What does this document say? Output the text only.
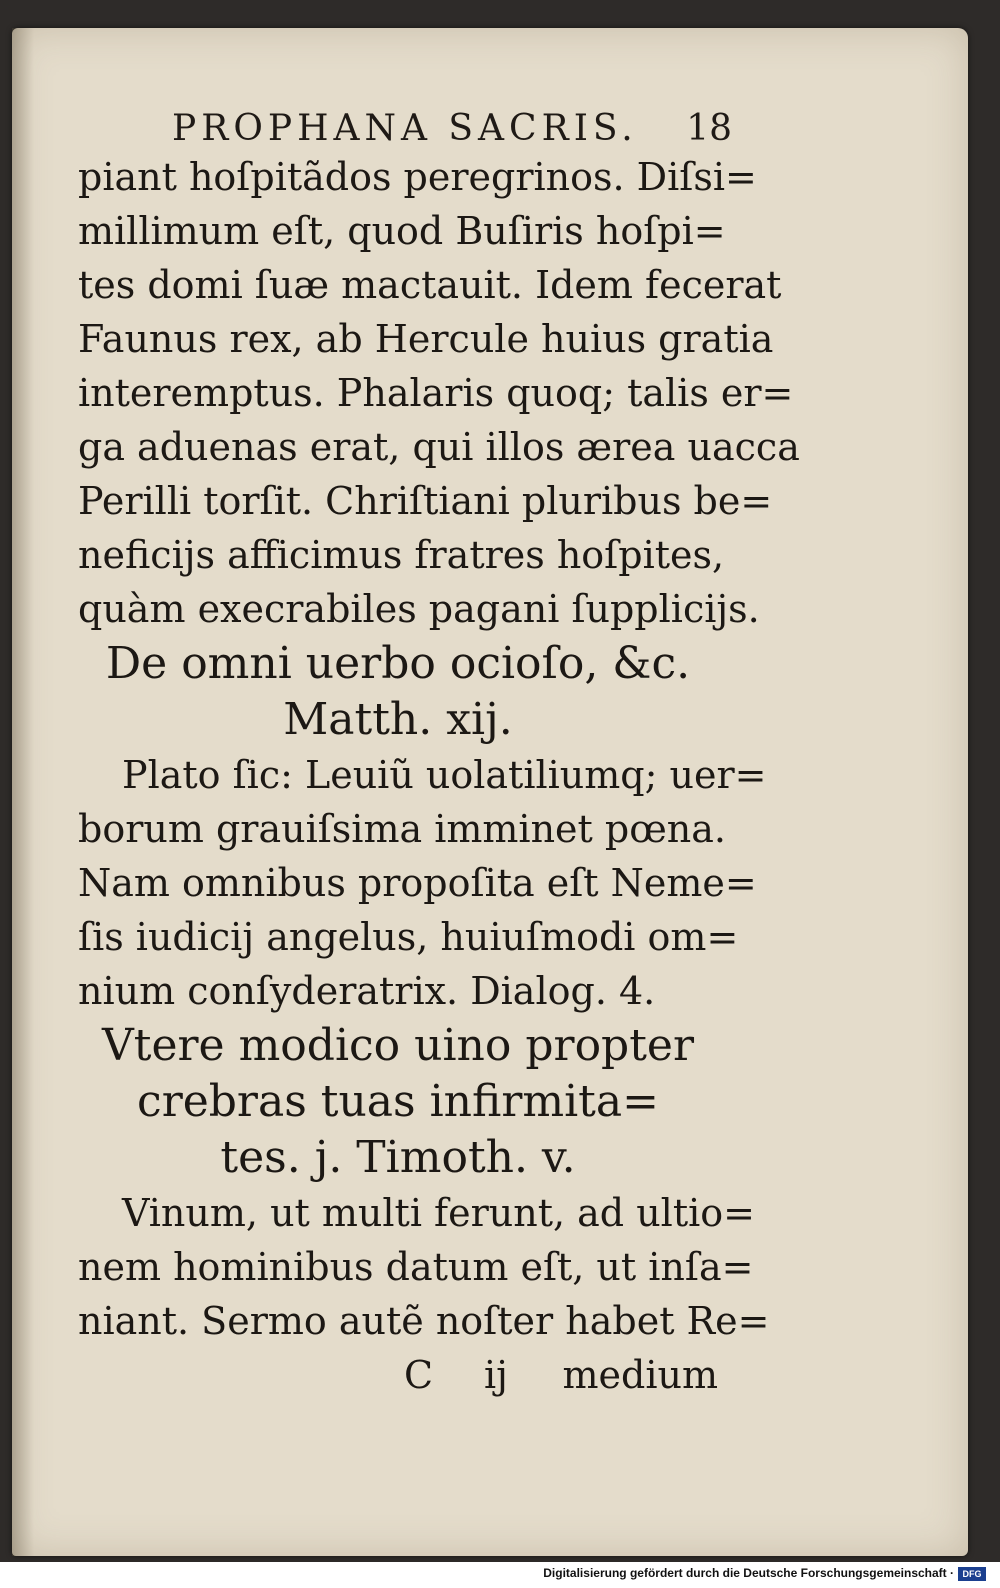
PROPHANA SACRIS. 18
piant hoſpitãdos peregrinos. Diſsi=
millimum eſt, quod Buſiris hoſpi=
tes domi ſuæ mactauit. Idem fecerat
Faunus rex, ab Hercule huius gratia
interemptus. Phalaris quoq; talis er=
ga aduenas erat, qui illos ærea uacca
Perilli torſit. Chriſtiani pluribus be=
neficijs afficimus fratres hoſpites,
quàm execrabiles pagani ſupplicijs.
De omni uerbo ocioſo, &c.
Matth. xij.
Plato ſic: Leuiũ uolatiliumq; uer=
borum grauiſsima imminet pœna.
Nam omnibus propoſita eſt Neme=
ſis iudicij angelus, huiuſmodi om=
nium conſyderatrix. Dialog. 4.
Vtere modico uino propter
crebras tuas infirmita=
tes. j. Timoth. v.
Vinum, ut multi ferunt, ad ultio=
nem hominibus datum eſt, ut inſa=
niant. Sermo autẽ noſter habet Re=
C ij medium
Digitalisierung gefördert durch die Deutsche Forschungsgemeinschaft · DFG
